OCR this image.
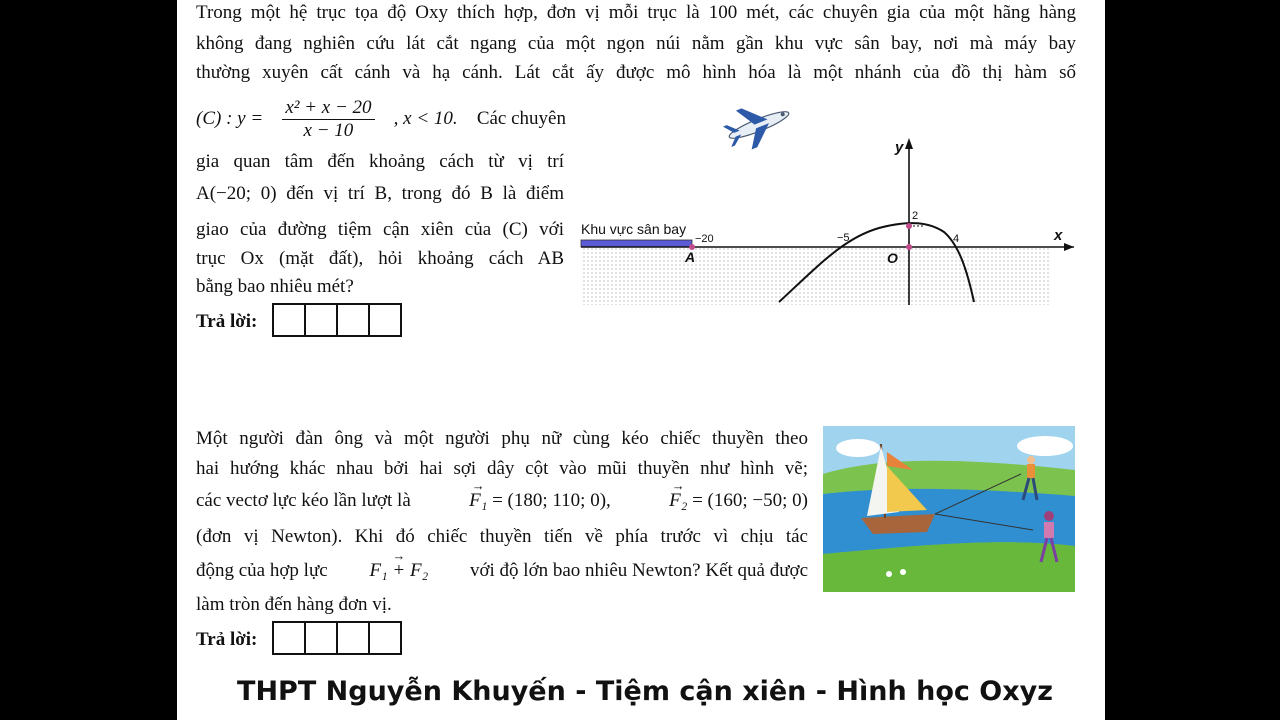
Trong một hệ trục tọa độ Oxy thích hợp, đơn vị mỗi trục là 100 mét, các chuyên gia của một hãng hàng
không đang nghiên cứu lát cắt ngang của một ngọn núi nằm gần khu vực sân bay, nơi mà máy bay
thường xuyên cất cánh và hạ cánh. Lát cắt ấy được mô hình hóa là một nhánh của đồ thị hàm số
(C) : $y = \frac{\text{x² + x − 20}}{x - 10}$ , x < 10. Các chuyên
gia quan tâm đến khoảng cách từ vị trí
A(−20; 0) đến vị trí B, trong đó B là điểm
giao của đường tiệm cận xiên của (C) với
trục Ox (mặt đất), hỏi khoảng cách AB
bằng bao nhiêu mét?
Trả lời:
Khu vực sân bay
y
x
A	O
−20	−5	4
2
Một người đàn ông và một người phụ nữ cùng kéo chiếc thuyền theo
hai hướng khác nhau bởi hai sợi dây cột vào mũi thuyền như hình vẽ;
các vectơ lực kéo lần lượt là	→ F₁ = (180; 110; 0),	→ F₂ = (160; −50; 0)
(đơn vị Newton). Khi đó chiếc thuyền tiến về phía trước vì chịu tác
động của hợp lực → F₁ + F₂ với độ lớn bao nhiêu Newton? Kết quả được
làm tròn đến hàng đơn vị.
Trả lời:
THPT Nguyễn Khuyến - Tiệm cận xiên - Hình học Oxyz
